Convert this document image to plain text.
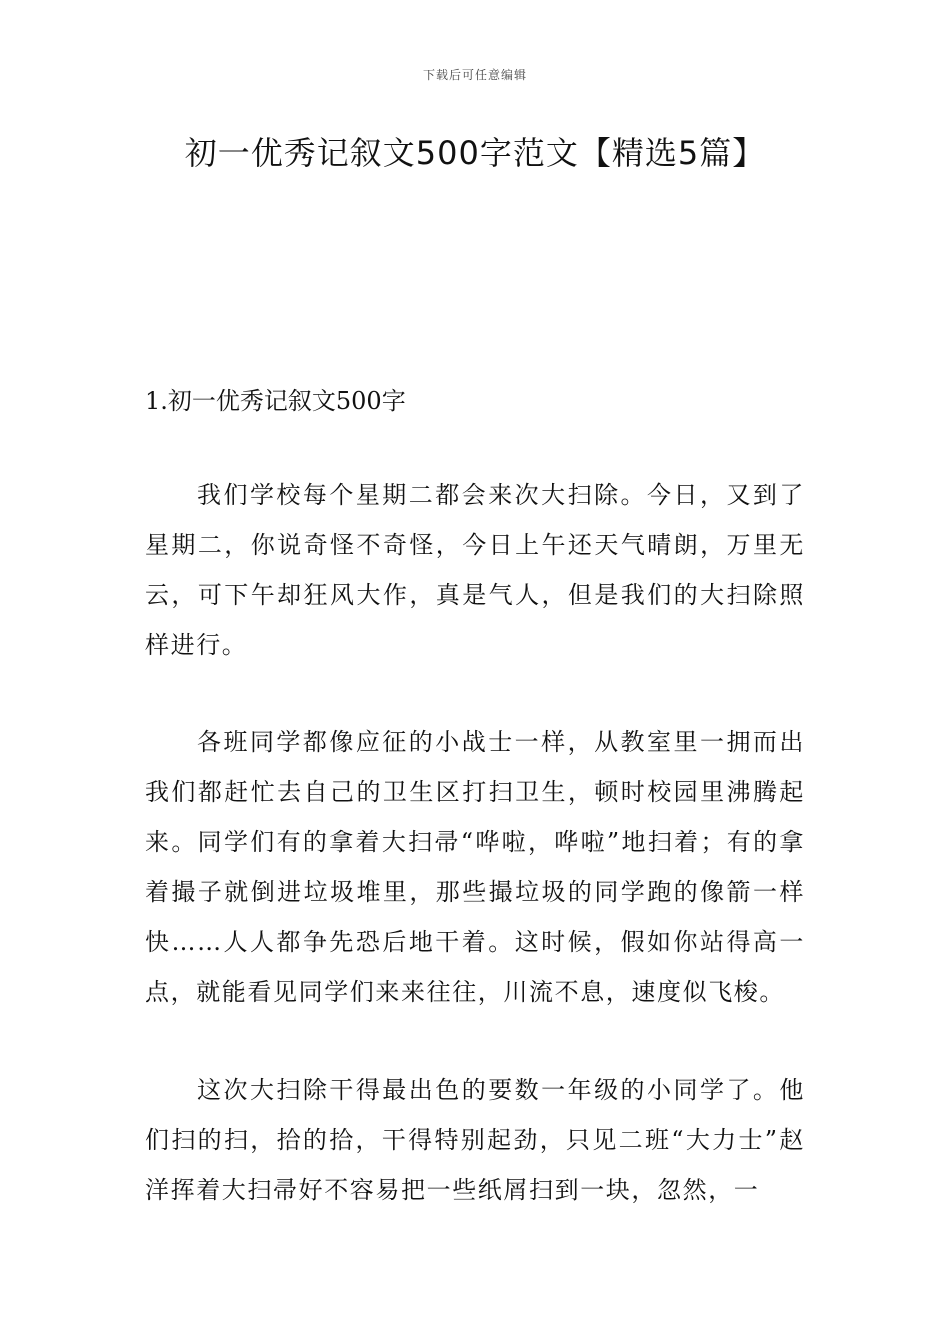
下载后可任意编辑
初一优秀记叙文500字范文【精选5篇】
1.初一优秀记叙文500字

我们学校每个星期二都会来次大扫除。今日，又到了星期二，你说奇怪不奇怪，今日上午还天气晴朗，万里无云，可下午却狂风大作，真是气人，但是我们的大扫除照样进行。

各班同学都像应征的小战士一样，从教室里一拥而出我们都赶忙去自己的卫生区打扫卫生，顿时校园里沸腾起来。同学们有的拿着大扫帚“哗啦，哗啦”地扫着；有的拿着撮子就倒进垃圾堆里，那些撮垃圾的同学跑的像箭一样快……人人都争先恐后地干着。这时候，假如你站得高一点，就能看见同学们来来往往，川流不息，速度似飞梭。

这次大扫除干得最出色的要数一年级的小同学了。他们扫的扫，拾的拾，干得特别起劲，只见二班“大力士”赵洋挥着大扫帚好不容易把一些纸屑扫到一块，忽然，一
